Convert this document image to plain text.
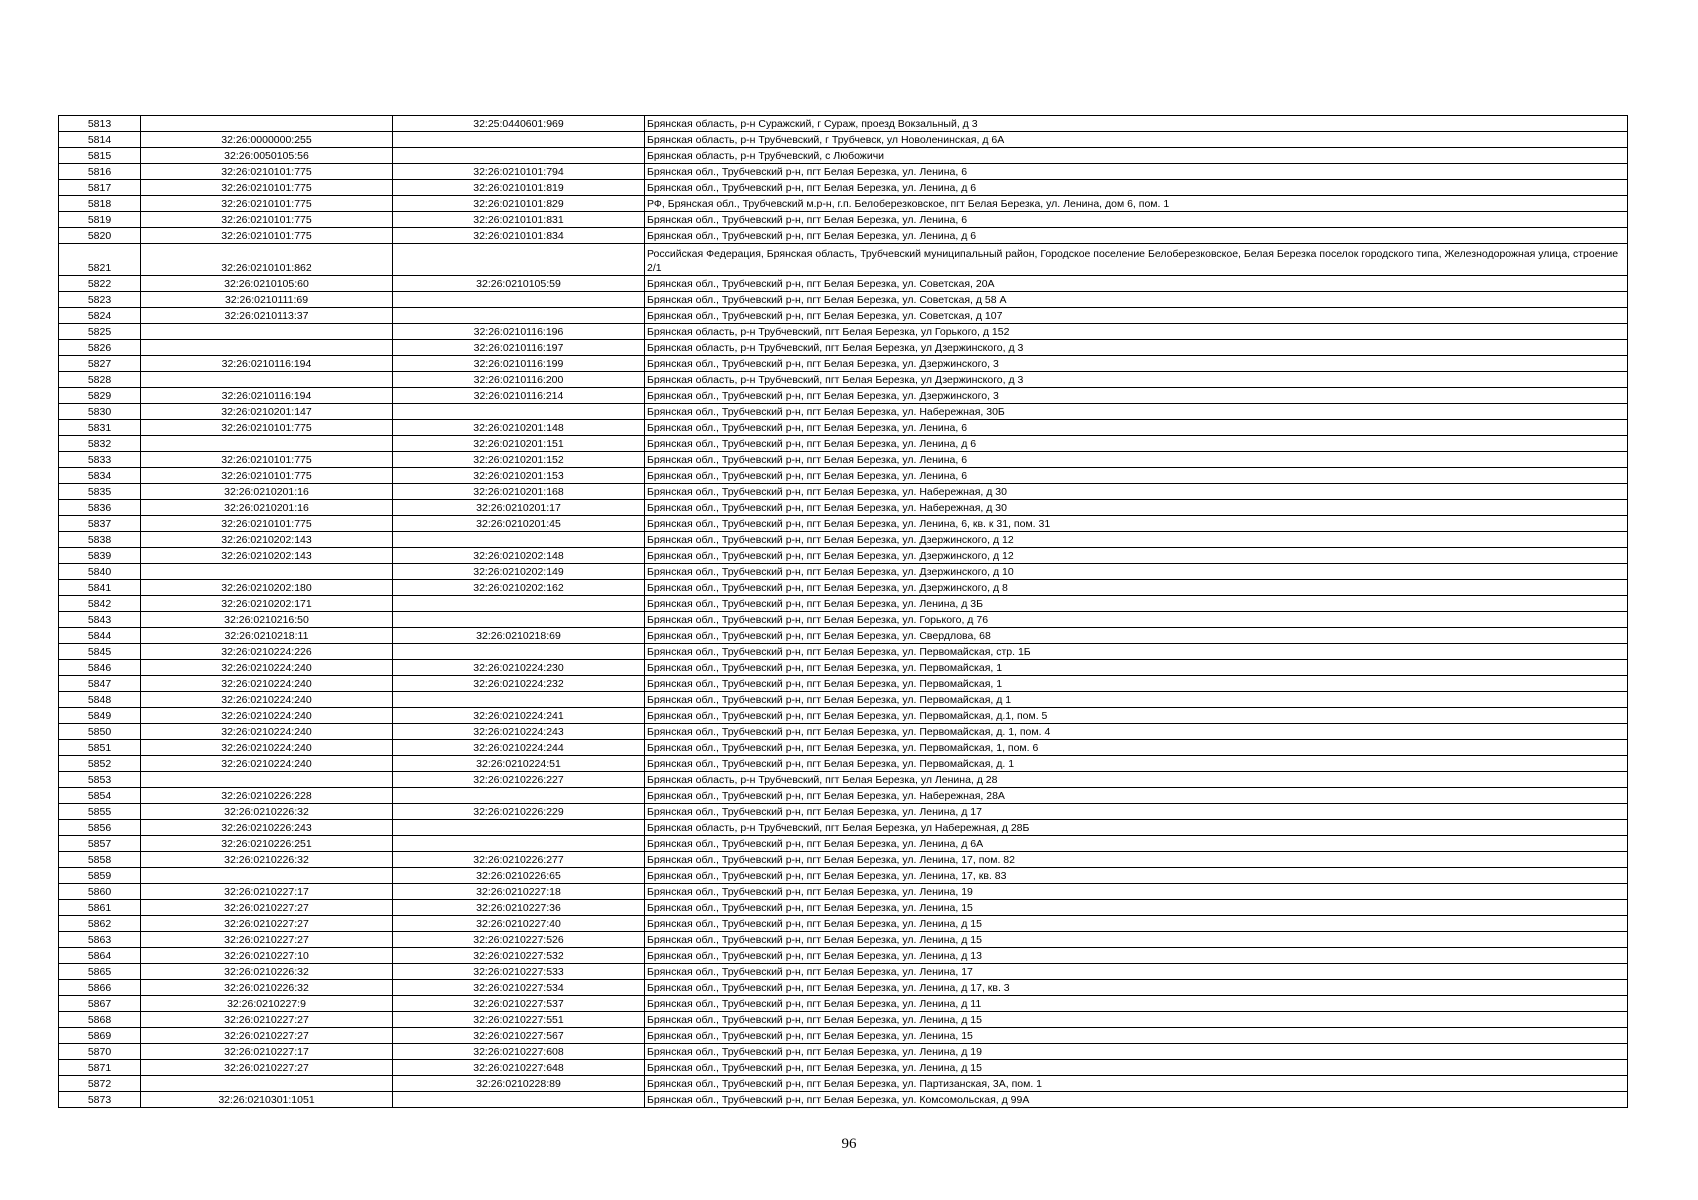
5813		32:25:0440601:969	Брянская область, р-н Суражский, г Сураж, проезд Вокзальный, д 3
5814	32:26:0000000:255		Брянская область, р-н Трубчевский, г Трубчевск, ул Новоленинская, д 6А
5815	32:26:0050105:56		Брянская область, р-н Трубчевский, с Любожичи
5816	32:26:0210101:775	32:26:0210101:794	Брянская обл., Трубчевский р-н, пгт Белая Березка, ул. Ленина, 6
5817	32:26:0210101:775	32:26:0210101:819	Брянская обл., Трубчевский р-н, пгт Белая Березка, ул. Ленина, д 6
5818	32:26:0210101:775	32:26:0210101:829	РФ, Брянская обл., Трубчевский м.р-н, г.п. Белоберезковское, пгт Белая Березка, ул. Ленина, дом 6, пом. 1
5819	32:26:0210101:775	32:26:0210101:831	Брянская обл., Трубчевский р-н, пгт Белая Березка, ул. Ленина, 6
5820	32:26:0210101:775	32:26:0210101:834	Брянская обл., Трубчевский р-н, пгт Белая Березка, ул. Ленина, д 6
5821	32:26:0210101:862		Российская Федерация, Брянская область, Трубчевский муниципальный район, Городское поселение Белоберезковское, Белая Березка поселок городского типа, Железнодорожная улица, строение 2/1
5822	32:26:0210105:60	32:26:0210105:59	Брянская обл., Трубчевский р-н, пгт Белая Березка, ул. Советская, 20А
5823	32:26:0210111:69		Брянская обл., Трубчевский р-н, пгт Белая Березка, ул. Советская, д 58 А
5824	32:26:0210113:37		Брянская обл., Трубчевский р-н, пгт Белая Березка, ул. Советская, д 107
5825		32:26:0210116:196	Брянская область, р-н Трубчевский, пгт Белая Березка, ул Горького, д 152
5826		32:26:0210116:197	Брянская область, р-н Трубчевский, пгт Белая Березка, ул Дзержинского, д 3
5827	32:26:0210116:194	32:26:0210116:199	Брянская обл., Трубчевский р-н, пгт Белая Березка, ул. Дзержинского, 3
5828		32:26:0210116:200	Брянская область, р-н Трубчевский, пгт Белая Березка, ул Дзержинского, д 3
5829	32:26:0210116:194	32:26:0210116:214	Брянская обл., Трубчевский р-н, пгт Белая Березка, ул. Дзержинского, 3
5830	32:26:0210201:147		Брянская обл., Трубчевский р-н, пгт Белая Березка, ул. Набережная, 30Б
5831	32:26:0210101:775	32:26:0210201:148	Брянская обл., Трубчевский р-н, пгт Белая Березка, ул. Ленина, 6
5832		32:26:0210201:151	Брянская обл., Трубчевский р-н, пгт Белая Березка, ул. Ленина, д 6
5833	32:26:0210101:775	32:26:0210201:152	Брянская обл., Трубчевский р-н, пгт Белая Березка, ул. Ленина, 6
5834	32:26:0210101:775	32:26:0210201:153	Брянская обл., Трубчевский р-н, пгт Белая Березка, ул. Ленина, 6
5835	32:26:0210201:16	32:26:0210201:168	Брянская обл., Трубчевский р-н, пгт Белая Березка, ул. Набережная, д 30
5836	32:26:0210201:16	32:26:0210201:17	Брянская обл., Трубчевский р-н, пгт Белая Березка, ул. Набережная, д 30
5837	32:26:0210101:775	32:26:0210201:45	Брянская обл., Трубчевский р-н, пгт Белая Березка, ул. Ленина, 6, кв. к 31, пом. 31
5838	32:26:0210202:143		Брянская обл., Трубчевский р-н, пгт Белая Березка, ул. Дзержинского, д 12
5839	32:26:0210202:143	32:26:0210202:148	Брянская обл., Трубчевский р-н, пгт Белая Березка, ул. Дзержинского, д 12
5840		32:26:0210202:149	Брянская обл., Трубчевский р-н, пгт Белая Березка, ул. Дзержинского, д 10
5841	32:26:0210202:180	32:26:0210202:162	Брянская обл., Трубчевский р-н, пгт Белая Березка, ул. Дзержинского, д 8
5842	32:26:0210202:171		Брянская обл., Трубчевский р-н, пгт Белая Березка, ул. Ленина, д 3Б
5843	32:26:0210216:50		Брянская обл., Трубчевский р-н, пгт Белая Березка, ул. Горького, д 76
5844	32:26:0210218:11	32:26:0210218:69	Брянская обл., Трубчевский р-н, пгт Белая Березка, ул. Свердлова, 68
5845	32:26:0210224:226		Брянская обл., Трубчевский р-н, пгт Белая Березка, ул. Первомайская, стр. 1Б
5846	32:26:0210224:240	32:26:0210224:230	Брянская обл., Трубчевский р-н, пгт Белая Березка, ул. Первомайская, 1
5847	32:26:0210224:240	32:26:0210224:232	Брянская обл., Трубчевский р-н, пгт Белая Березка, ул. Первомайская, 1
5848	32:26:0210224:240		Брянская обл., Трубчевский р-н, пгт Белая Березка, ул. Первомайская, д 1
5849	32:26:0210224:240	32:26:0210224:241	Брянская обл., Трубчевский р-н, пгт Белая Березка, ул. Первомайская, д.1, пом. 5
5850	32:26:0210224:240	32:26:0210224:243	Брянская обл., Трубчевский р-н, пгт Белая Березка, ул. Первомайская, д. 1, пом. 4
5851	32:26:0210224:240	32:26:0210224:244	Брянская обл., Трубчевский р-н, пгт Белая Березка, ул. Первомайская, 1, пом. 6
5852	32:26:0210224:240	32:26:0210224:51	Брянская обл., Трубчевский р-н, пгт Белая Березка, ул. Первомайская, д. 1
5853		32:26:0210226:227	Брянская область, р-н Трубчевский, пгт Белая Березка, ул Ленина, д 28
5854	32:26:0210226:228		Брянская обл., Трубчевский р-н, пгт Белая Березка, ул. Набережная, 28А
5855	32:26:0210226:32	32:26:0210226:229	Брянская обл., Трубчевский р-н, пгт Белая Березка, ул. Ленина, д 17
5856	32:26:0210226:243		Брянская область, р-н Трубчевский, пгт Белая Березка, ул Набережная, д 28Б
5857	32:26:0210226:251		Брянская обл., Трубчевский р-н, пгт Белая Березка, ул. Ленина, д 6А
5858	32:26:0210226:32	32:26:0210226:277	Брянская обл., Трубчевский р-н, пгт Белая Березка, ул. Ленина, 17, пом. 82
5859		32:26:0210226:65	Брянская обл., Трубчевский р-н, пгт Белая Березка, ул. Ленина, 17, кв. 83
5860	32:26:0210227:17	32:26:0210227:18	Брянская обл., Трубчевский р-н, пгт Белая Березка, ул. Ленина, 19
5861	32:26:0210227:27	32:26:0210227:36	Брянская обл., Трубчевский р-н, пгт Белая Березка, ул. Ленина, 15
5862	32:26:0210227:27	32:26:0210227:40	Брянская обл., Трубчевский р-н, пгт Белая Березка, ул. Ленина, д 15
5863	32:26:0210227:27	32:26:0210227:526	Брянская обл., Трубчевский р-н, пгт Белая Березка, ул. Ленина, д 15
5864	32:26:0210227:10	32:26:0210227:532	Брянская обл., Трубчевский р-н, пгт Белая Березка, ул. Ленина, д 13
5865	32:26:0210226:32	32:26:0210227:533	Брянская обл., Трубчевский р-н, пгт Белая Березка, ул. Ленина, 17
5866	32:26:0210226:32	32:26:0210227:534	Брянская обл., Трубчевский р-н, пгт Белая Березка, ул. Ленина, д 17, кв. 3
5867	32:26:0210227:9	32:26:0210227:537	Брянская обл., Трубчевский р-н, пгт Белая Березка, ул. Ленина, д 11
5868	32:26:0210227:27	32:26:0210227:551	Брянская обл., Трубчевский р-н, пгт Белая Березка, ул. Ленина, д 15
5869	32:26:0210227:27	32:26:0210227:567	Брянская обл., Трубчевский р-н, пгт Белая Березка, ул. Ленина, 15
5870	32:26:0210227:17	32:26:0210227:608	Брянская обл., Трубчевский р-н, пгт Белая Березка, ул. Ленина, д 19
5871	32:26:0210227:27	32:26:0210227:648	Брянская обл., Трубчевский р-н, пгт Белая Березка, ул. Ленина, д 15
5872		32:26:0210228:89	Брянская обл., Трубчевский р-н, пгт Белая Березка, ул. Партизанская, 3А, пом. 1
5873	32:26:0210301:1051		Брянская обл., Трубчевский р-н, пгт Белая Березка, ул. Комсомольская, д 99А
96
